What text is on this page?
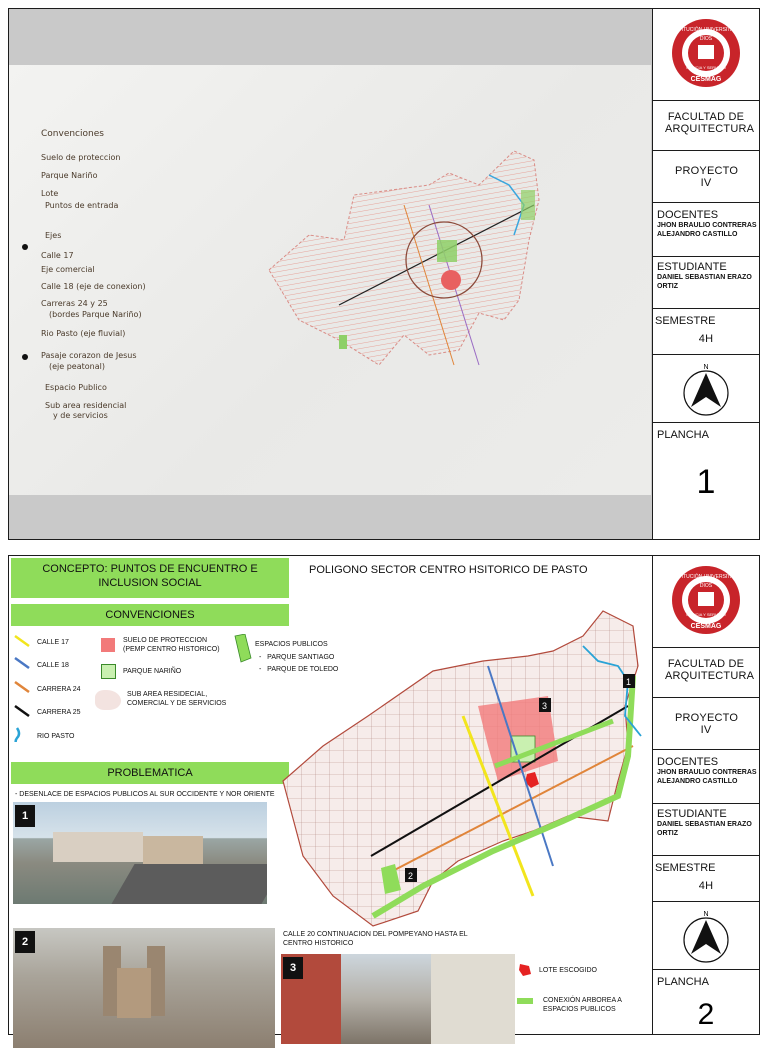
Convenciones
Suelo de proteccion
Parque Nariño
Lote
Puntos de entrada
Ejes
Calle 17
Eje comercial
Calle 18 (eje de conexion)
Carreras 24 y 25
(bordes Parque Nariño)
Rio Pasto (eje fluvial)
Pasaje corazon de Jesus
(eje peatonal)
Espacio Publico
Sub area residencial
y de servicios
INSTITUCIÓN UNIVERSITARIA
DIOS
CIENCIA Y SERVICIO
CESMAG
FACULTAD DE ARQUITECTURA
PROYECTO IV
DOCENTES
JHON BRAULIO CONTRERAS
ALEJANDRO CASTILLO
ESTUDIANTE
DANIEL SEBASTIAN ERAZO
ORTIZ
SEMESTRE
4H
N
PLANCHA
1
CONCEPTO: PUNTOS DE ENCUENTRO E INCLUSION SOCIAL
POLIGONO SECTOR CENTRO HSITORICO DE PASTO
CONVENCIONES
CALLE 17
CALLE 18
CARRERA 24
CARRERA 25
RIO PASTO
SUELO DE PROTECCION (PEMP CENTRO HISTORICO)
PARQUE NARIÑO
SUB AREA RESIDECIAL, COMERCIAL Y DE SERVICIOS
ESPACIOS PUBLICOS
-   PARQUE SANTIAGO
-   PARQUE DE TOLEDO
PROBLEMATICA
- DESENLACE DE ESPACIOS PUBLICOS AL SUR OCCIDENTE Y NOR ORIENTE
1
2
CALLE 20 CONTINUACION DEL POMPEYANO HASTA EL CENTRO HISTORICO
3	LOTE ESCOGIDO
CONEXIÓN ARBOREA A ESPACIOS PUBLICOS
2
3
1
INSTITUCIÓN UNIVERSITARIA
DIOS
CIENCIA Y SERVICIO
CESMAG
FACULTAD DE ARQUITECTURA
PROYECTO IV
DOCENTES
JHON BRAULIO CONTRERAS
ALEJANDRO CASTILLO
ESTUDIANTE
DANIEL SEBASTIAN ERAZO
ORTIZ
SEMESTRE
4H
N
PLANCHA
2
